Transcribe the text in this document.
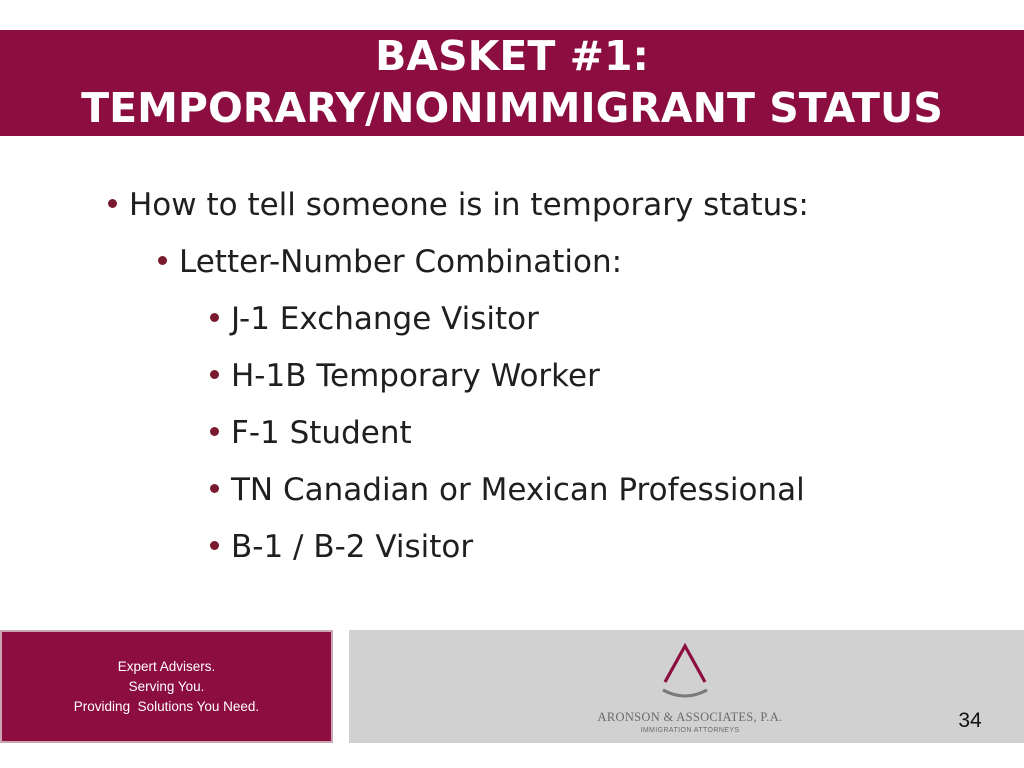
BASKET #1:
TEMPORARY/NONIMMIGRANT STATUS
How to tell someone is in temporary status:
Letter-Number Combination:
J-1 Exchange Visitor
H-1B Temporary Worker
F-1 Student
TN Canadian or Mexican Professional
B-1 / B-2 Visitor
Expert Advisers.
Serving You.
Providing  Solutions You Need.
ARONSON & ASSOCIATES, P.A.
IMMIGRATION ATTORNEYS	34
